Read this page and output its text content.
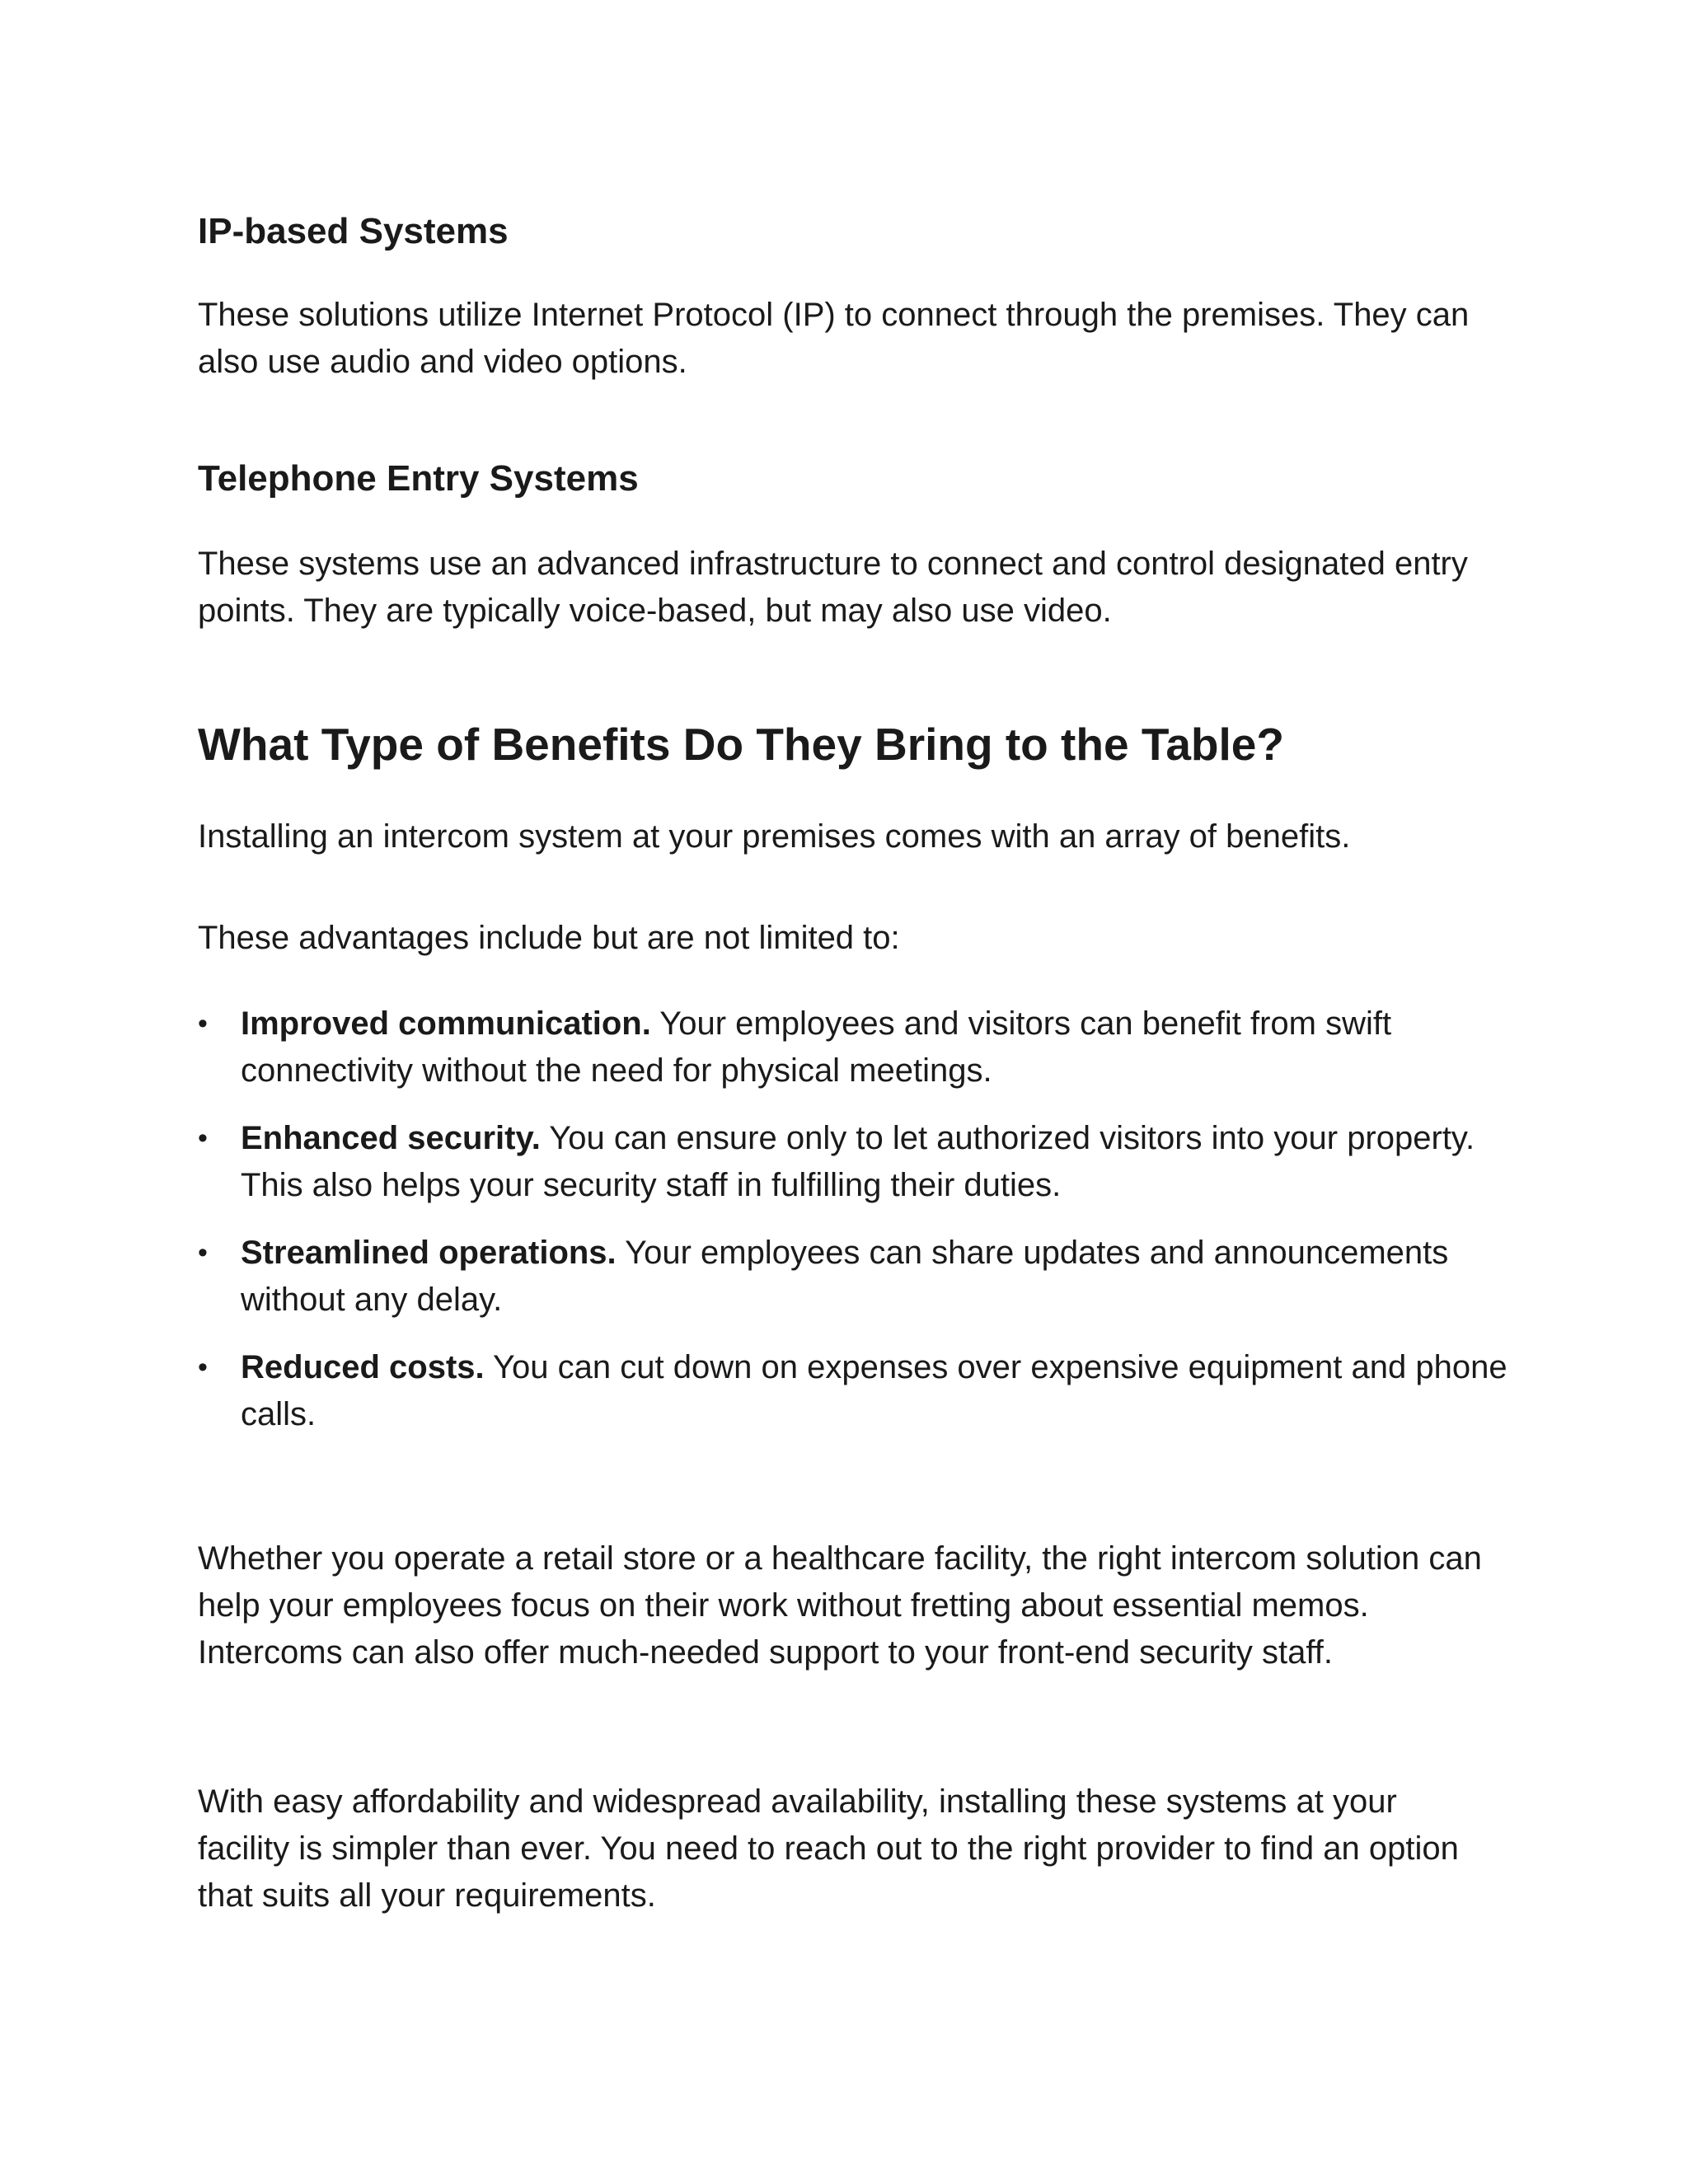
IP-based Systems

These solutions utilize Internet Protocol (IP) to connect through the premises. They can also use audio and video options.

Telephone Entry Systems

These systems use an advanced infrastructure to connect and control designated entry points. They are typically voice-based, but may also use video.

What Type of Benefits Do They Bring to the Table?

Installing an intercom system at your premises comes with an array of benefits.

These advantages include but are not limited to:

• Improved communication. Your employees and visitors can benefit from swift connectivity without the need for physical meetings.
• Enhanced security. You can ensure only to let authorized visitors into your property. This also helps your security staff in fulfilling their duties.
• Streamlined operations. Your employees can share updates and announcements without any delay.
• Reduced costs. You can cut down on expenses over expensive equipment and phone calls.

Whether you operate a retail store or a healthcare facility, the right intercom solution can help your employees focus on their work without fretting about essential memos. Intercoms can also offer much-needed support to your front-end security staff.

With easy affordability and widespread availability, installing these systems at your facility is simpler than ever. You need to reach out to the right provider to find an option that suits all your requirements.
